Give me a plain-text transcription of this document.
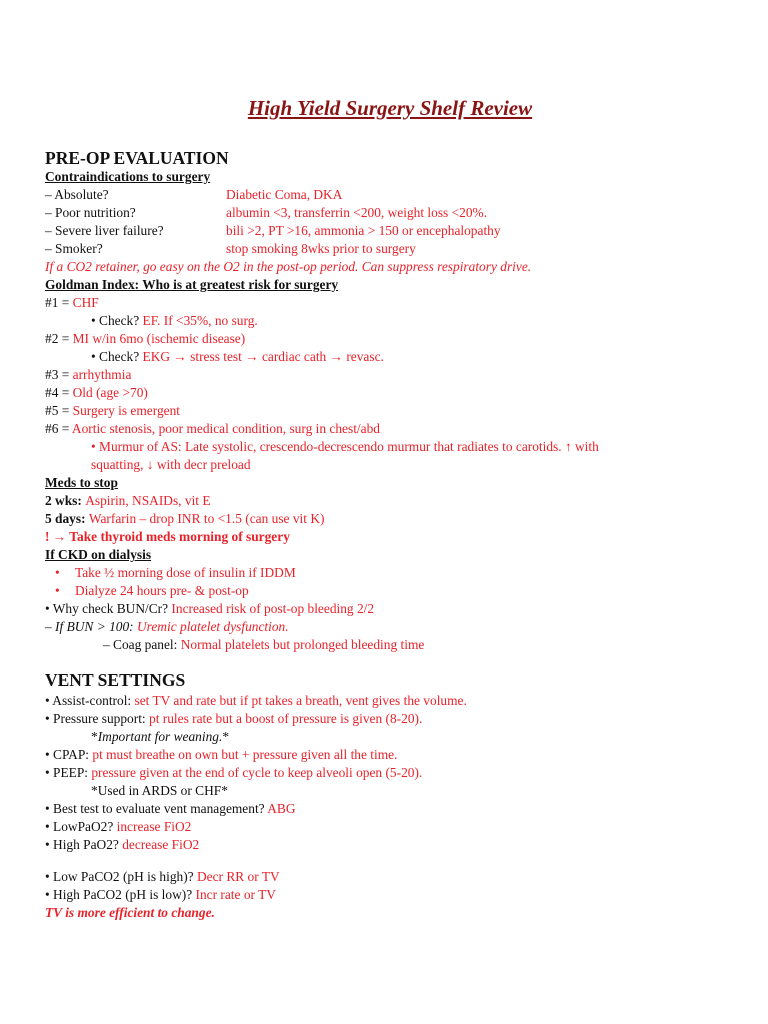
High Yield Surgery Shelf Review
PRE-OP EVALUATION
Contraindications to surgery
– Absolute?	Diabetic Coma, DKA
– Poor nutrition?	albumin <3, transferrin <200, weight loss <20%.
– Severe liver failure?	bili >2, PT >16, ammonia > 150 or encephalopathy
– Smoker?	stop smoking 8wks prior to surgery
If a CO2 retainer, go easy on the O2 in the post-op period. Can suppress respiratory drive.
Goldman Index: Who is at greatest risk for surgery
#1 = CHF
• Check? EF. If <35%, no surg.
#2 = MI w/in 6mo (ischemic disease)
• Check? EKG → stress test → cardiac cath → revasc.
#3 = arrhythmia
#4 = Old (age >70)
#5 = Surgery is emergent
#6 = Aortic stenosis, poor medical condition, surg in chest/abd
• Murmur of AS: Late systolic, crescendo-decrescendo murmur that radiates to carotids. ↑ with
squatting, ↓ with decr preload
Meds to stop
2 wks: Aspirin, NSAIDs, vit E
5 days: Warfarin – drop INR to <1.5 (can use vit K)
! → Take thyroid meds morning of surgery
If CKD on dialysis
• Take ½ morning dose of insulin if IDDM
• Dialyze 24 hours pre- & post-op
• Why check BUN/Cr? Increased risk of post-op bleeding 2/2
– If BUN > 100: Uremic platelet dysfunction.
– Coag panel: Normal platelets but prolonged bleeding time
VENT SETTINGS
• Assist-control: set TV and rate but if pt takes a breath, vent gives the volume.
• Pressure support: pt rules rate but a boost of pressure is given (8-20).
*Important for weaning.*
• CPAP: pt must breathe on own but + pressure given all the time.
• PEEP: pressure given at the end of cycle to keep alveoli open (5-20).
*Used in ARDS or CHF*
• Best test to evaluate vent management? ABG
• LowPaO2? increase FiO2
• High PaO2? decrease FiO2
• Low PaCO2 (pH is high)? Decr RR or TV
• High PaCO2 (pH is low)? Incr rate or TV
TV is more efficient to change.
